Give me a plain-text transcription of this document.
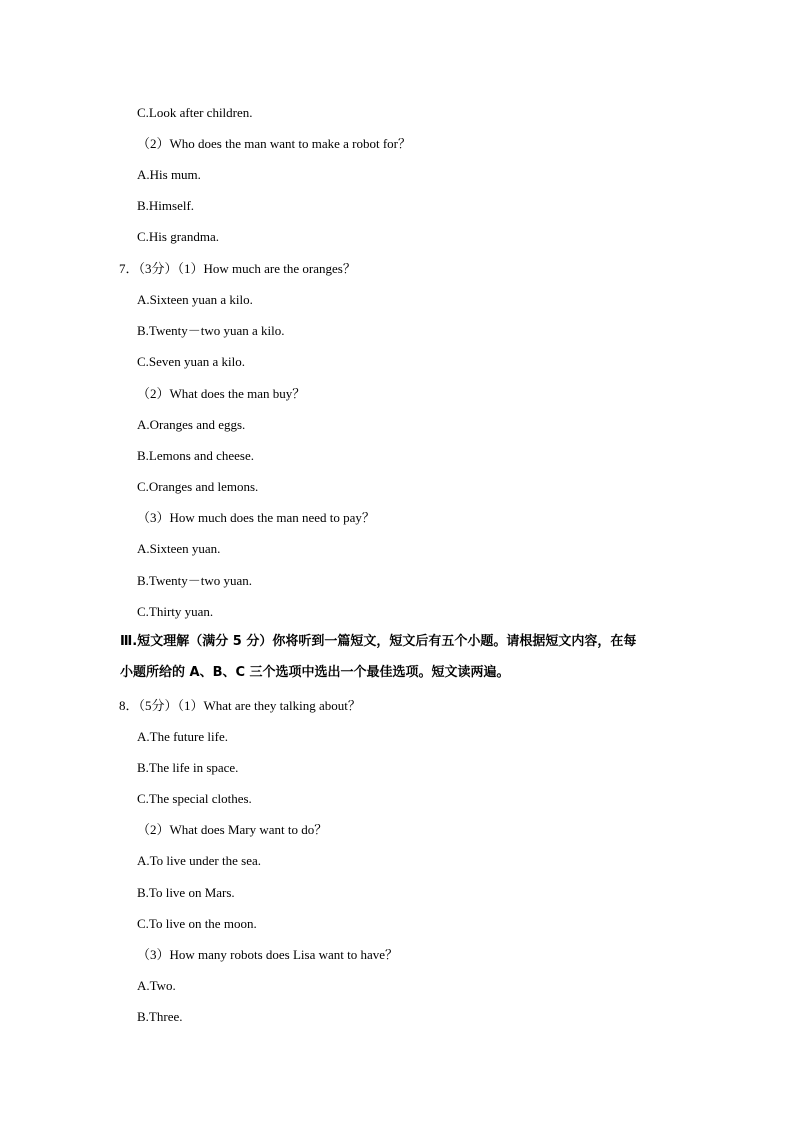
C.Look after children.
（2）Who does the man want to make a robot for？
A.His mum.
B.Himself.
C.His grandma.
7．（3分）（1）How much are the oranges？
A.Sixteen yuan a kilo.
B.Twenty－two yuan a kilo.
C.Seven yuan a kilo.
（2）What does the man buy？
A.Oranges and eggs.
B.Lemons and cheese.
C.Oranges and lemons.
（3）How much does the man need to pay？
A.Sixteen yuan.
B.Twenty－two yuan.
C.Thirty yuan.
Ⅲ.短文理解（满分 5 分）你将听到一篇短文，短文后有五个小题。请根据短文内容，在每
小题所给的 A、B、C 三个选项中选出一个最佳选项。短文读两遍。
8．（5分）（1）What are they talking about？
A.The future life.
B.The life in space.
C.The special clothes.
（2）What does Mary want to do？
A.To live under the sea.
B.To live on Mars.
C.To live on the moon.
（3）How many robots does Lisa want to have？
A.Two.
B.Three.
